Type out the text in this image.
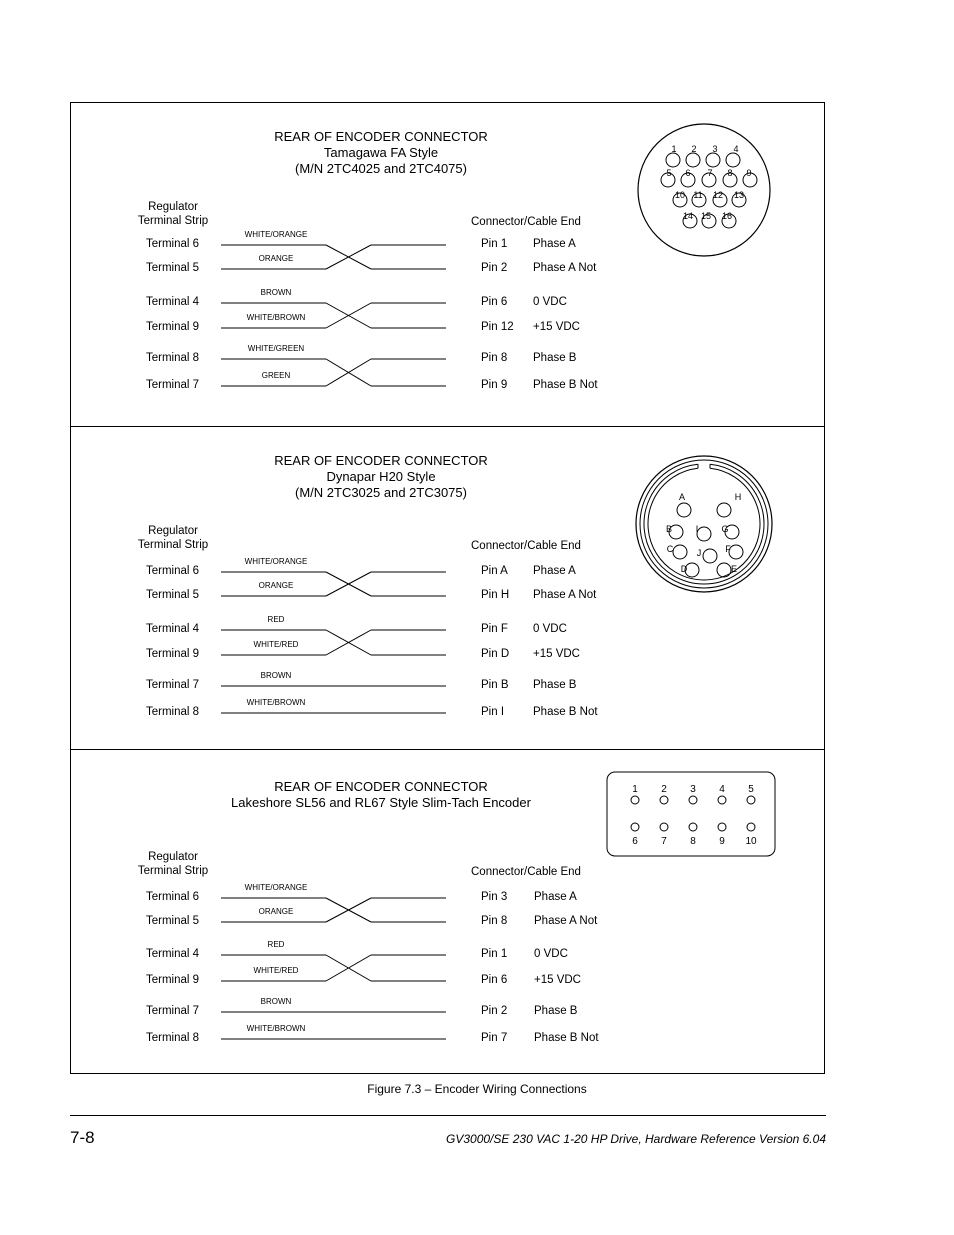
REAR OF ENCODER CONNECTOR
Tamagawa FA Style
(M/N 2TC4025 and 2TC4075)
Regulator
Terminal Strip	Connector/Cable End
Terminal 6
WHITE/ORANGE
Pin 1 Phase A
Terminal 5
ORANGE
Pin 2 Phase A Not
Terminal 4
BROWN
Pin 6 0 VDC
Terminal 9
WHITE/BROWN
Pin 12 +15 VDC
Terminal 8
WHITE/GREEN
Pin 8 Phase B
Terminal 7
GREEN
Pin 9 Phase B Not
1 2 3 4
5 6 7 8 9
10 11 12 13
14 15 16
REAR OF ENCODER CONNECTOR
Dynapar H20 Style
(M/N 2TC3025 and 2TC3075)
Regulator
Terminal Strip	Connector/Cable End
Terminal 6
WHITE/ORANGE
Pin A Phase A
Terminal 5
ORANGE
Pin H Phase A Not
Terminal 4
RED
Pin F 0 VDC
Terminal 9
WHITE/RED
Pin D +15 VDC
Terminal 7
BROWN
Pin B Phase B
Terminal 8
WHITE/BROWN
Pin I	Phase B Not
A	H
B	I	G
C	J	F
D	E
REAR OF ENCODER CONNECTOR
Lakeshore SL56 and RL67 Style Slim-Tach Encoder
Regulator
Terminal Strip	Connector/Cable End
Terminal 6
WHITE/ORANGE
Pin 3 Phase A
Terminal 5
ORANGE
Pin 8 Phase A Not
Terminal 4
RED
Pin 1 0 VDC
Terminal 9
WHITE/RED
Pin 6 +15 VDC
Terminal 7
BROWN
Pin 2 Phase B
Terminal 8
WHITE/BROWN
Pin 7 Phase B Not
1 2 3 4 5
6 7 8 9 10
Figure 7.3 – Encoder Wiring Connections
7-8	GV3000/SE 230 VAC 1-20 HP Drive, Hardware Reference Version 6.04
